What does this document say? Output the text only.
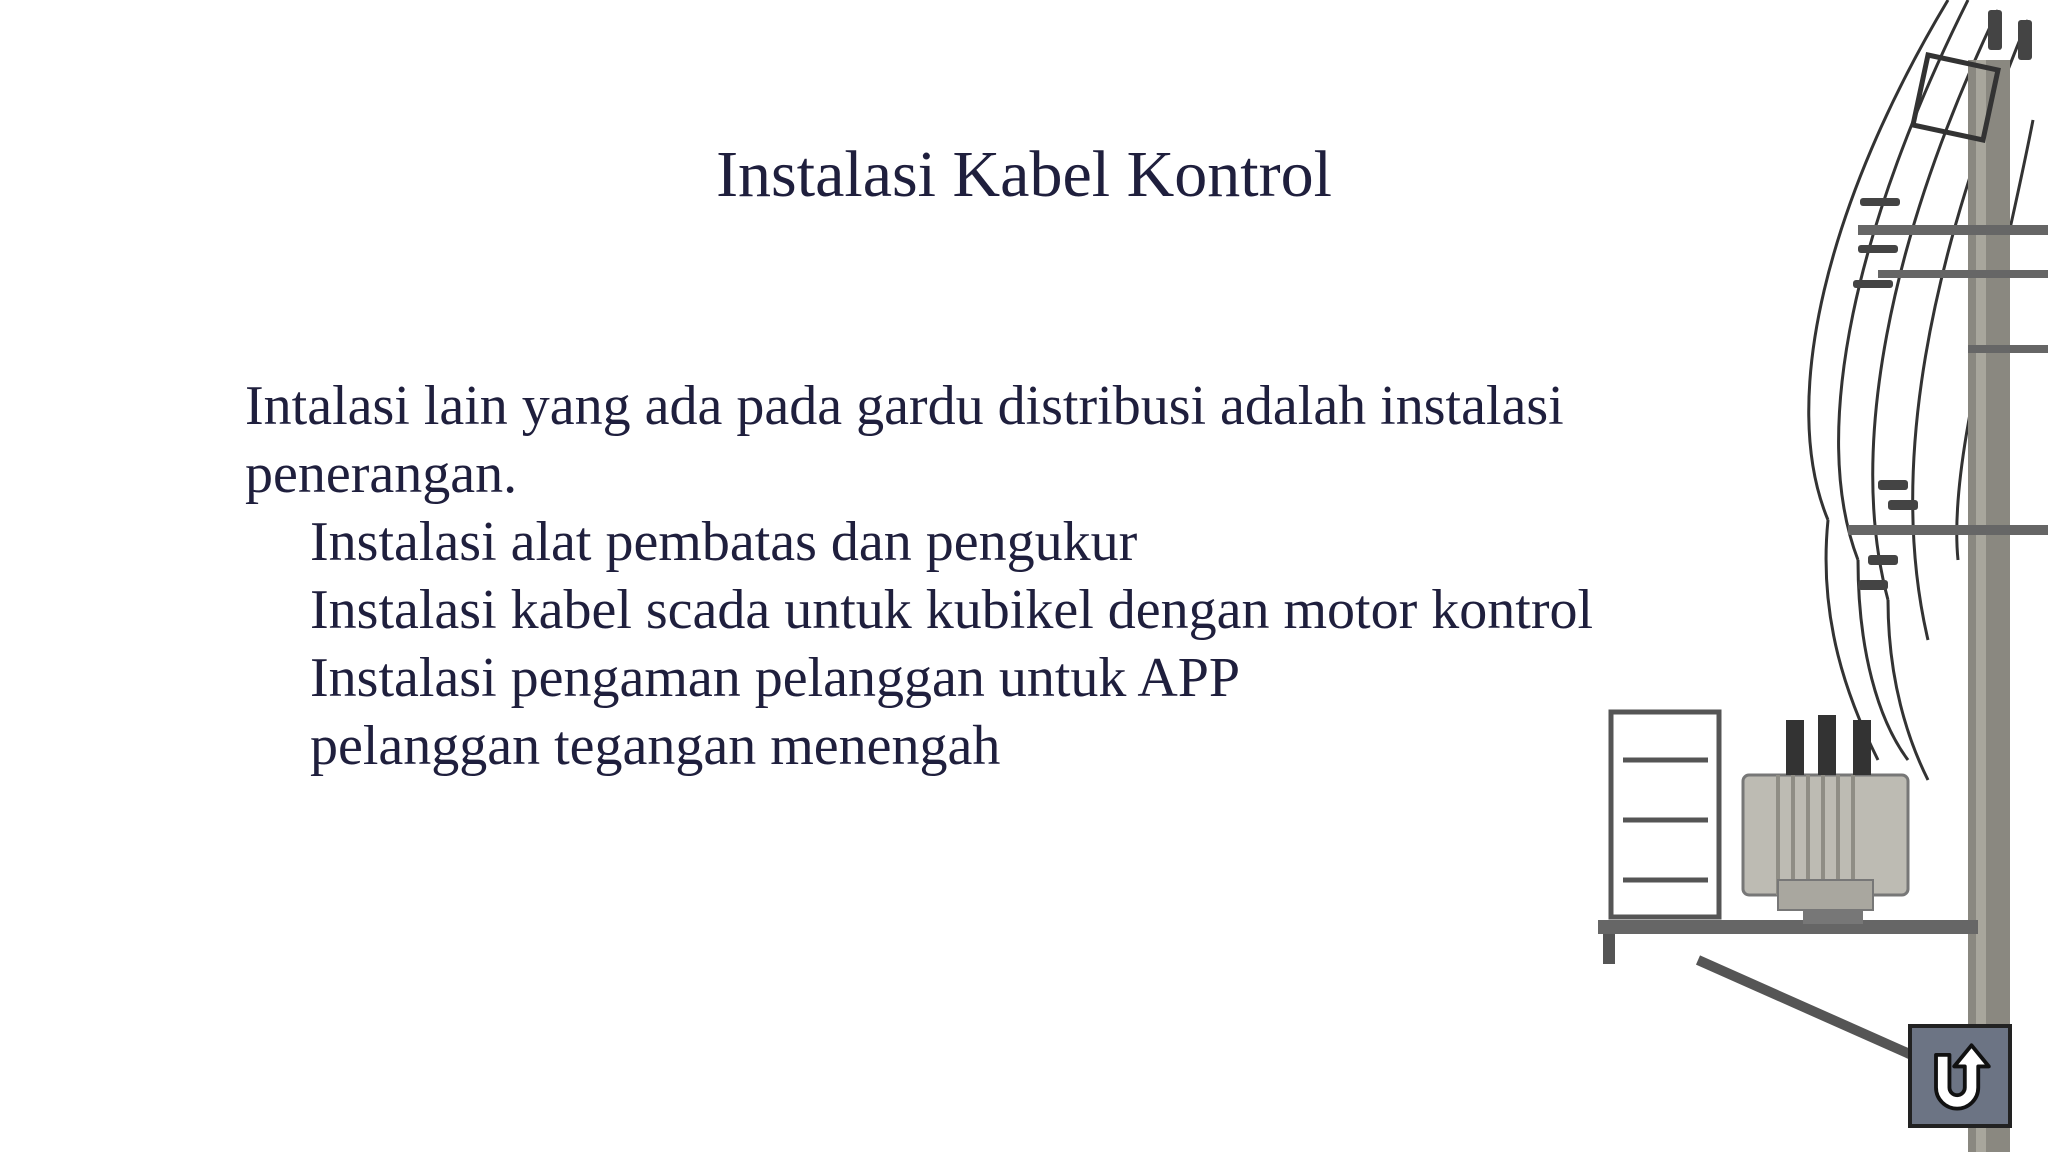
Instalasi Kabel Kontrol

Intalasi lain yang ada pada gardu distribusi adalah instalasi penerangan.

Instalasi alat pembatas dan pengukur

Instalasi kabel scada untuk kubikel dengan motor kontrol

Instalasi pengaman pelanggan untuk APP

pelanggan tegangan menengah
